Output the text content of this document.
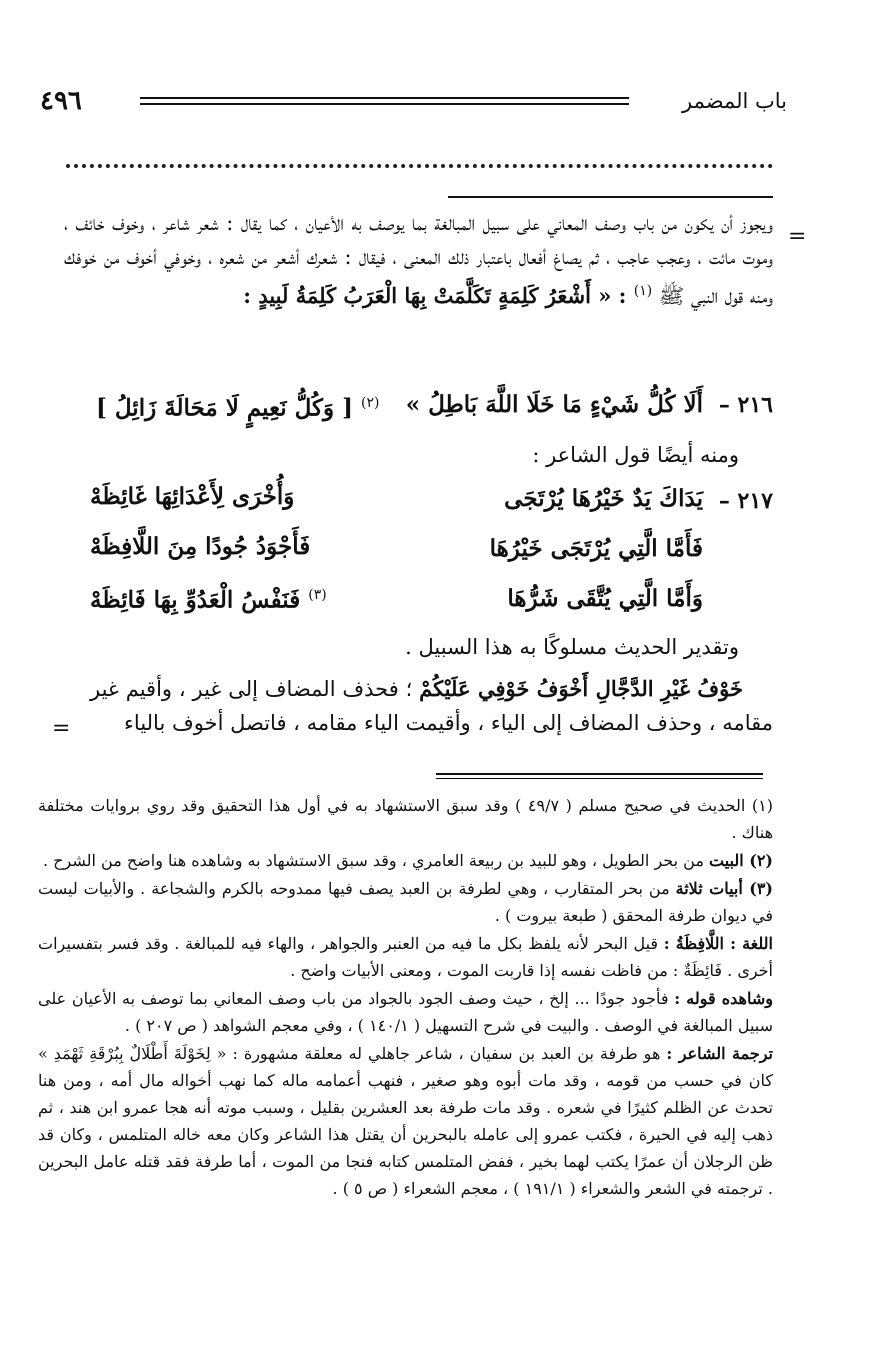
باب المضمر
٤٩٦
=

ويجوز أن يكون من باب وصف المعاني على سبيل المبالغة بما يوصف به الأعيان ، كما يقال : شعر شاعر ، وخوف خائف ، وموت مائت ، وعجب عاجب ، ثم يصاغ أفعال باعتبار ذلك المعنى ، فيقال : شعرك أشعر من شعره ، وخوفي أخوف من خوفك ومنه قول النبي ﷺ $^{(١)}$ : « أَشْعَرُ كَلِمَةٍ تَكَلَّمَتْ بِهَا الْعَرَبُ كَلِمَةُ لَبِيدٍ :

٢١٦ –
أَلَا كُلُّ شَيْءٍ مَا خَلَا اللَّهَ بَاطِلُ »
$^{(٢)}$ [ وَكُلُّ نَعِيمٍ لَا مَحَالَةَ زَائِلُ ]
ومنه أيضًا قول الشاعر :
٢١٧ –
يَدَاكَ يَدٌ خَيْرُهَا يُرْتَجَى
وَأُخْرَى لِأَعْدَائِهَا غَائِظَهْ
فَأَمَّا الَّتِي يُرْتَجَى خَيْرُهَا
فَأَجْوَدُ جُودًا مِنَ اللَّافِظَهْ
وَأَمَّا الَّتِي يُتَّقَى شَرُّهَا
$^{(٣)}$ فَنَفْسُ الْعَدُوِّ بِهَا فَائِظَهْ
وتقدير الحديث مسلوكًا به هذا السبيل .

خَوْفُ غَيْرِ الدَّجَّالِ أَخْوَفُ خَوْفِي عَلَيْكُمْ ؛ فحذف المضاف إلى غير ، وأقيم غير مقامه ، وحذف المضاف إلى الياء ، وأقيمت الياء مقامه ، فاتصل أخوف بالياء

=

(١) الحديث في صحيح مسلم ( ٤٩/٧ ) وقد سبق الاستشهاد به في أول هذا التحقيق وقد روي بروايات مختلفة هناك .

(٢) البيت من بحر الطويل ، وهو للبيد بن ربيعة العامري ، وقد سبق الاستشهاد به وشاهده هنا واضح من الشرح .

(٣) أبيات ثلاثة من بحر المتقارب ، وهي لطرفة بن العبد يصف فيها ممدوحه بالكرم والشجاعة . والأبيات ليست في ديوان طرفة المحقق ( طبعة بيروت ) .

اللغة : اللَّافِظَةُ : قيل البحر لأنه يلفظ بكل ما فيه من العنبر والجواهر ، والهاء فيه للمبالغة . وقد فسر بتفسيرات أخرى . فَائِظَةٌ : من فاظت نفسه إذا قاربت الموت ، ومعنى الأبيات واضح .

وشاهده قوله : فأجود جودًا ... إلخ ، حيث وصف الجود بالجواد من باب وصف المعاني بما توصف به الأعيان على سبيل المبالغة في الوصف . والبيت في شرح التسهيل ( ١٤٠/١ ) ، وفي معجم الشواهد ( ص ٢٠٧ ) .

ترجمة الشاعر : هو طرفة بن العبد بن سفيان ، شاعر جاهلي له معلقة مشهورة : « لِخَوْلَةَ أَطْلَالٌ بِبُرْقَةِ ثَهْمَدِ » كان في حسب من قومه ، وقد مات أبوه وهو صغير ، فنهب أعمامه ماله كما نهب أخواله مال أمه ، ومن هنا تحدث عن الظلم كثيرًا في شعره . وقد مات طرفة بعد العشرين بقليل ، وسبب موته أنه هجا عمرو ابن هند ، ثم ذهب إليه في الحيرة ، فكتب عمرو إلى عامله بالبحرين أن يقتل هذا الشاعر وكان معه خاله المتلمس ، وكان قد ظن الرجلان أن عمرًا يكتب لهما بخير ، ففض المتلمس كتابه فنجا من الموت ، أما طرفة فقد قتله عامل البحرين . ترجمته في الشعر والشعراء ( ١٩١/١ ) ، معجم الشعراء ( ص ٥ ) .
